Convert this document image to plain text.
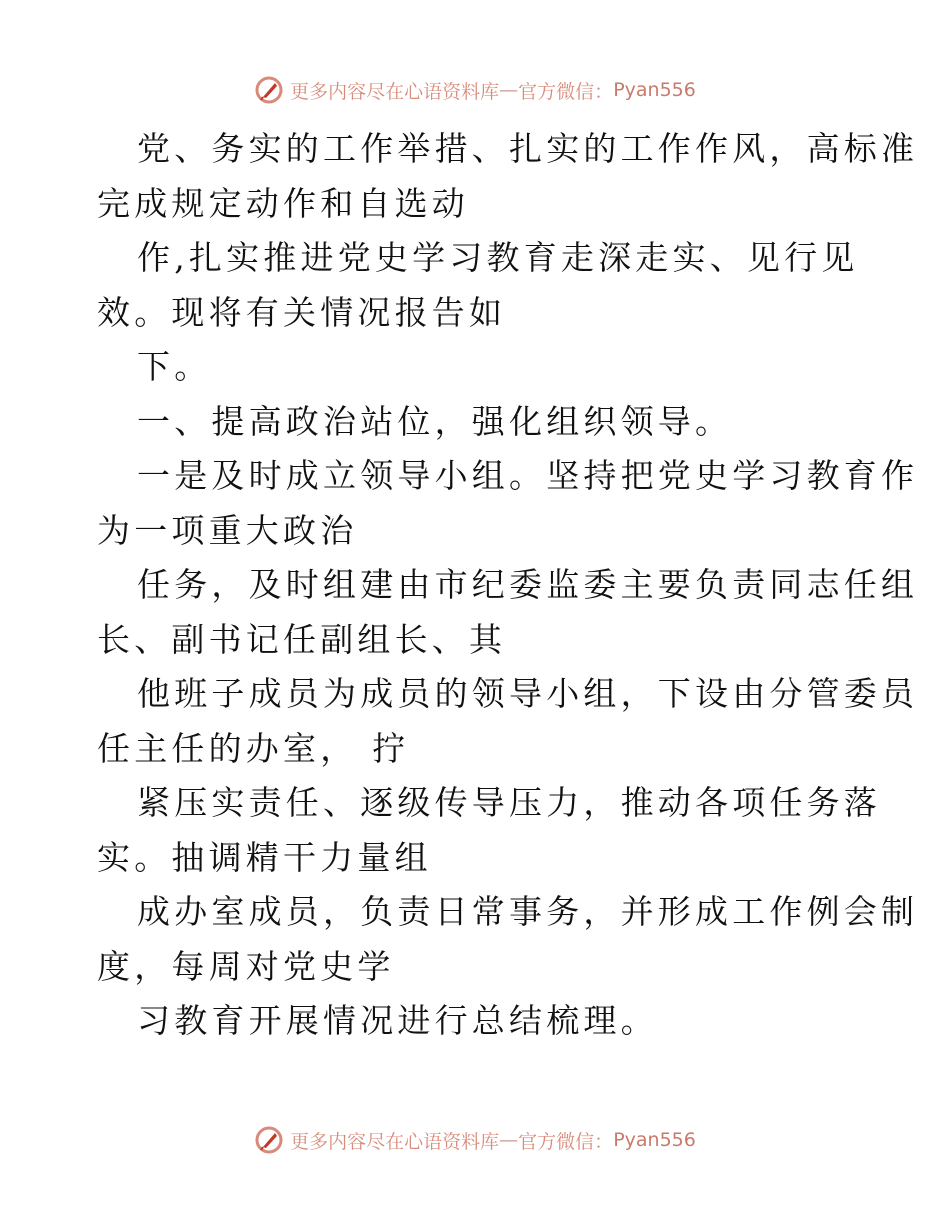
更多内容尽在心语资料库 — 官方微信： Pyan556
党、务实的工作举措、扎实的工作作风，高标准
完成规定动作和自选动
作,扎实推进党史学习教育走深走实、见行见
效。现将有关情况报告如
下。
一、提高政治站位，强化组织领导。
一是及时成立领导小组。坚持把党史学习教育作
为一项重大政治
任务，及时组建由市纪委监委主要负责同志任组
长、副书记任副组长、其
他班子成员为成员的领导小组，下设由分管委员
任主任的办室， 拧
紧压实责任、逐级传导压力，推动各项任务落
实。抽调精干力量组
成办室成员，负责日常事务，并形成工作例会制
度，每周对党史学
习教育开展情况进行总结梳理。
更多内容尽在心语资料库 — 官方微信： Pyan556
